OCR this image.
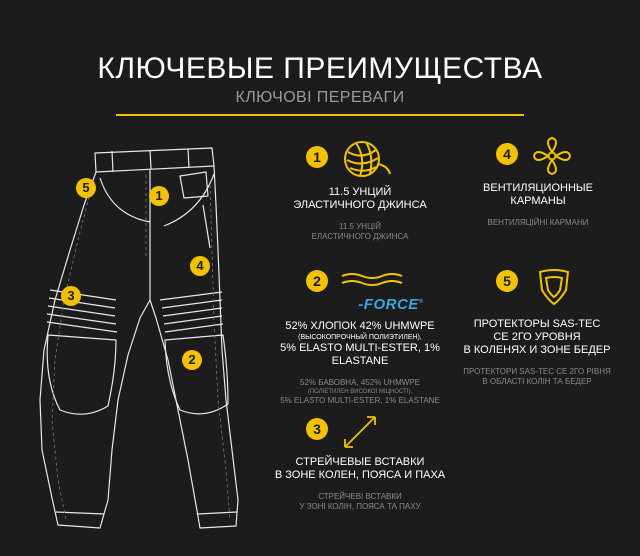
КЛЮЧЕВЫЕ ПРЕИМУЩЕСТВА
КЛЮЧОВІ ПЕРЕВАГИ
5
1
4
3
2
1
11.5 УНЦИЙ
ЭЛАСТИЧНОГО ДЖИНСА
11.5 УНЦІЙ
ЕЛАСТИЧНОГО ДЖИНСА
4
ВЕНТИЛЯЦИОННЫЕ
КАРМАНЫ
ВЕНТИЛЯЦІЙНІ КАРМАНИ
2
-FORCE®
52% ХЛОПОК 42% UHMWPE
(ВЫСОКОПРОЧНЫЙ ПОЛИЭТИЛЕН),
5% ELASTO MULTI-ESTER, 1% ELASTANE
52% БАВОВНА, 452% UHMWPE
(ПОЛІЕТИЛЕН ВИСОКОЇ МІЦНОСТІ),
5% ELASTO MULTI-ESTER, 1% ELASTANE
5
ПРОТЕКТОРЫ SAS-TEC
СЕ 2ГО УРОВНЯ
В КОЛЕНЯХ И ЗОНЕ БЕДЕР
ПРОТЕКТОРИ SAS-TEC СЕ 2ГО РІВНЯ
В ОБЛАСТІ КОЛІН ТА БЕДЕР
3
СТРЕЙЧЕВЫЕ ВСТАВКИ
В ЗОНЕ КОЛЕН, ПОЯСА И ПАХА
СТРЕЙЧЕВІ ВСТАВКИ
У ЗОНІ КОЛІН, ПОЯСА ТА ПАХУ
